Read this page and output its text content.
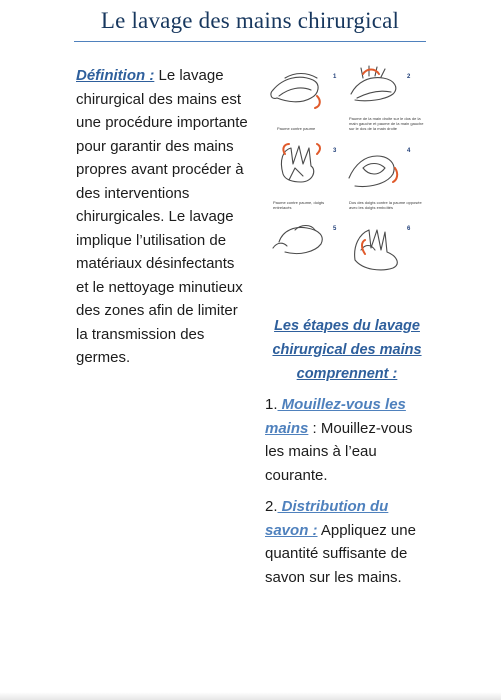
Le lavage des mains chirurgical
Définition : Le lavage chirurgical des mains est une procédure importante pour garantir des mains propres avant procéder à des interventions chirurgicales. Le lavage implique l’utilisation de matériaux désinfectants et le nettoyage minutieux des zones afin de limiter la transmission des germes.
1	2
3	4
5	6
Paume contre paume
Paume de la main droite sur le dos de la main gauche et paume de la main gauche sur le dos de la main droite
Paume contre paume, doigts entrelacés
Dos des doigts contre la paume opposée avec les doigts emboîtés
Les étapes du lavage chirurgical des mains comprennent :
1. Mouillez-vous les mains : Mouillez-vous les mains à l’eau courante.
2. Distribution du savon : Appliquez une quantité suffisante de savon sur les mains.
